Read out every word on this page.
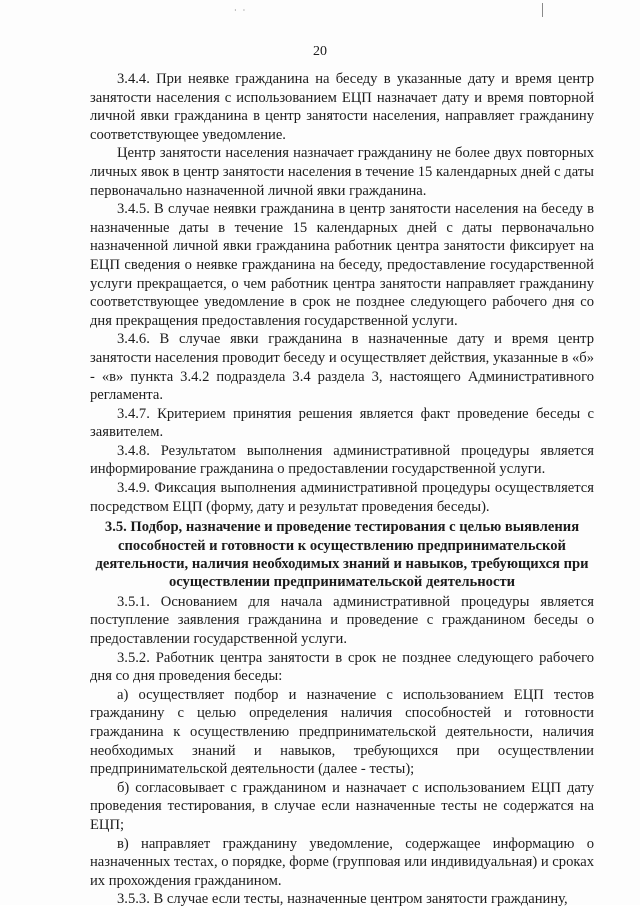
· ·
20

3.4.4. При неявке гражданина на беседу в указанные дату и время центр занятости населения с использованием ЕЦП назначает дату и время повторной личной явки гражданина в центр занятости населения, направляет гражданину соответствующее уведомление.

Центр занятости населения назначает гражданину не более двух повторных личных явок в центр занятости населения в течение 15 календарных дней с даты первоначально назначенной личной явки гражданина.

3.4.5. В случае неявки гражданина в центр занятости населения на беседу в назначенные даты в течение 15 календарных дней с даты первоначально назначенной личной явки гражданина работник центра занятости фиксирует на ЕЦП сведения о неявке гражданина на беседу, предоставление государственной услуги прекращается, о чем работник центра занятости направляет гражданину соответствующее уведомление в срок не позднее следующего рабочего дня со дня прекращения предоставления государственной услуги.

3.4.6. В случае явки гражданина в назначенные дату и время центр занятости населения проводит беседу и осуществляет действия, указанные в «б» - «в» пункта 3.4.2 подраздела 3.4 раздела 3, настоящего Административного регламента.

3.4.7. Критерием принятия решения является факт проведение беседы с заявителем.

3.4.8. Результатом выполнения административной процедуры является информирование гражданина о предоставлении государственной услуги.

3.4.9. Фиксация выполнения административной процедуры осуществляется посредством ЕЦП (форму, дату и результат проведения беседы).

3.5. Подбор, назначение и проведение тестирования с целью выявления способностей и готовности к осуществлению предпринимательской деятельности, наличия необходимых знаний и навыков, требующихся при осуществлении предпринимательской деятельности

3.5.1. Основанием для начала административной процедуры является поступление заявления гражданина и проведение с гражданином беседы о предоставлении государственной услуги.

3.5.2. Работник центра занятости в срок не позднее следующего рабочего дня со дня проведения беседы:

а) осуществляет подбор и назначение с использованием ЕЦП тестов гражданину с целью определения наличия способностей и готовности гражданина к осуществлению предпринимательской деятельности, наличия необходимых знаний и навыков, требующихся при осуществлении предпринимательской деятельности (далее - тесты);

б) согласовывает с гражданином и назначает с использованием ЕЦП дату проведения тестирования, в случае если назначенные тесты не содержатся на ЕЦП;

в) направляет гражданину уведомление, содержащее информацию о назначенных тестах, о порядке, форме (групповая или индивидуальная) и сроках их прохождения гражданином.

3.5.3. В случае если тесты, назначенные центром занятости гражданину,
